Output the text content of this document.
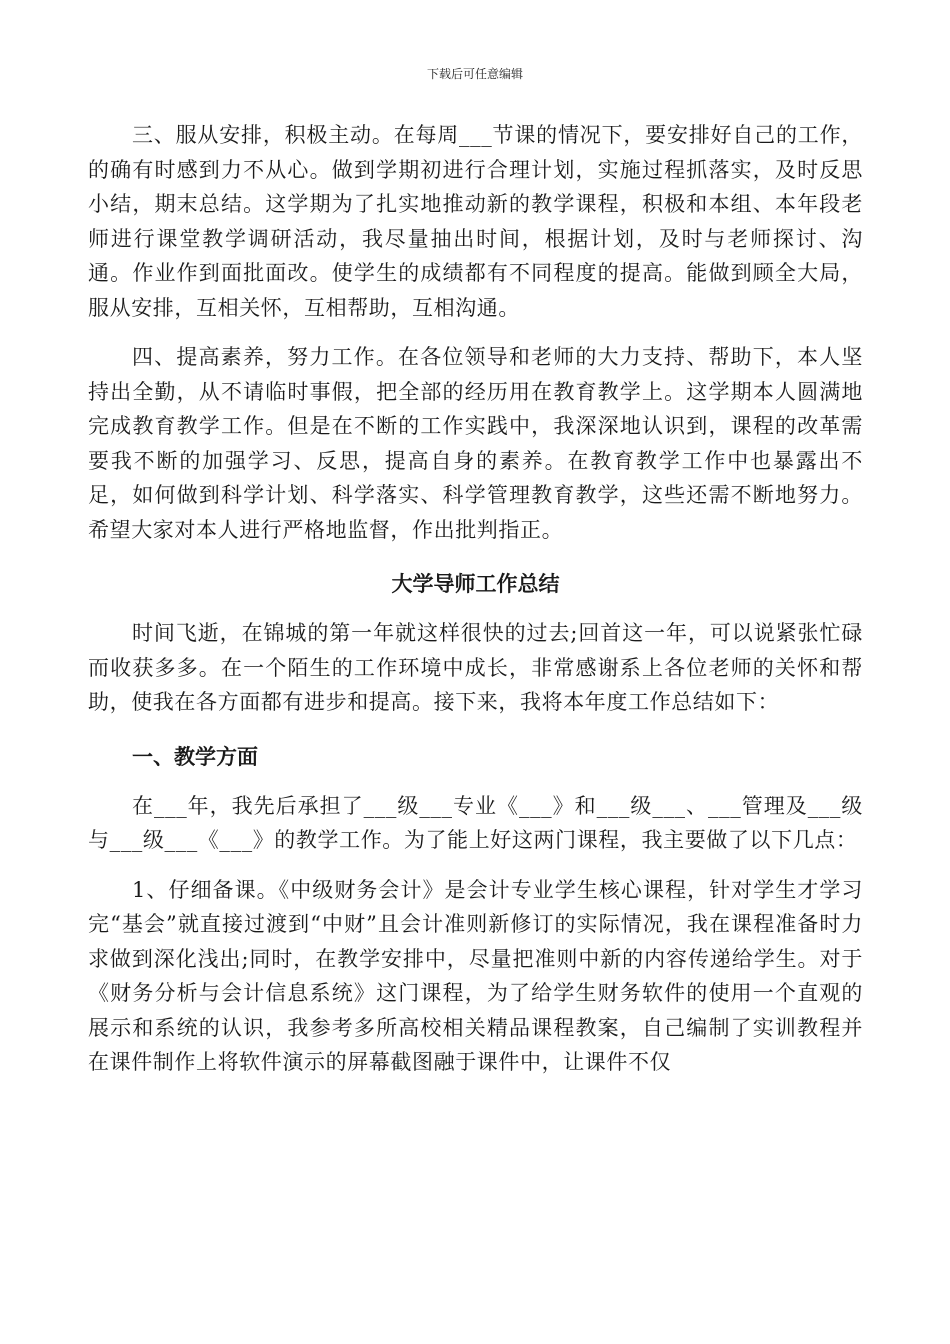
下载后可任意编辑

三、服从安排，积极主动。在每周___节课的情况下，要安排好自己的工作，的确有时感到力不从心。做到学期初进行合理计划，实施过程抓落实，及时反思小结，期末总结。这学期为了扎实地推动新的教学课程，积极和本组、本年段老师进行课堂教学调研活动，我尽量抽出时间，根据计划，及时与老师探讨、沟通。作业作到面批面改。使学生的成绩都有不同程度的提高。能做到顾全大局，服从安排，互相关怀，互相帮助，互相沟通。

四、提高素养，努力工作。在各位领导和老师的大力支持、帮助下，本人坚持出全勤，从不请临时事假，把全部的经历用在教育教学上。这学期本人圆满地完成教育教学工作。但是在不断的工作实践中，我深深地认识到，课程的改革需要我不断的加强学习、反思，提高自身的素养。在教育教学工作中也暴露出不足，如何做到科学计划、科学落实、科学管理教育教学，这些还需不断地努力。希望大家对本人进行严格地监督，作出批判指正。

大学导师工作总结

时间飞逝，在锦城的第一年就这样很快的过去;回首这一年，可以说紧张忙碌而收获多多。在一个陌生的工作环境中成长，非常感谢系上各位老师的关怀和帮助，使我在各方面都有进步和提高。接下来，我将本年度工作总结如下：

一、教学方面

在___年，我先后承担了___级___专业《___》和___级___、___管理及___级与___级___《___》的教学工作。为了能上好这两门课程，我主要做了以下几点：

1、仔细备课。《中级财务会计》是会计专业学生核心课程，针对学生才学习完“基会”就直接过渡到“中财”且会计准则新修订的实际情况，我在课程准备时力求做到深化浅出;同时，在教学安排中，尽量把准则中新的内容传递给学生。对于《财务分析与会计信息系统》这门课程，为了给学生财务软件的使用一个直观的展示和系统的认识，我参考多所高校相关精品课程教案，自己编制了实训教程并在课件制作上将软件演示的屏幕截图融于课件中，让课件不仅
